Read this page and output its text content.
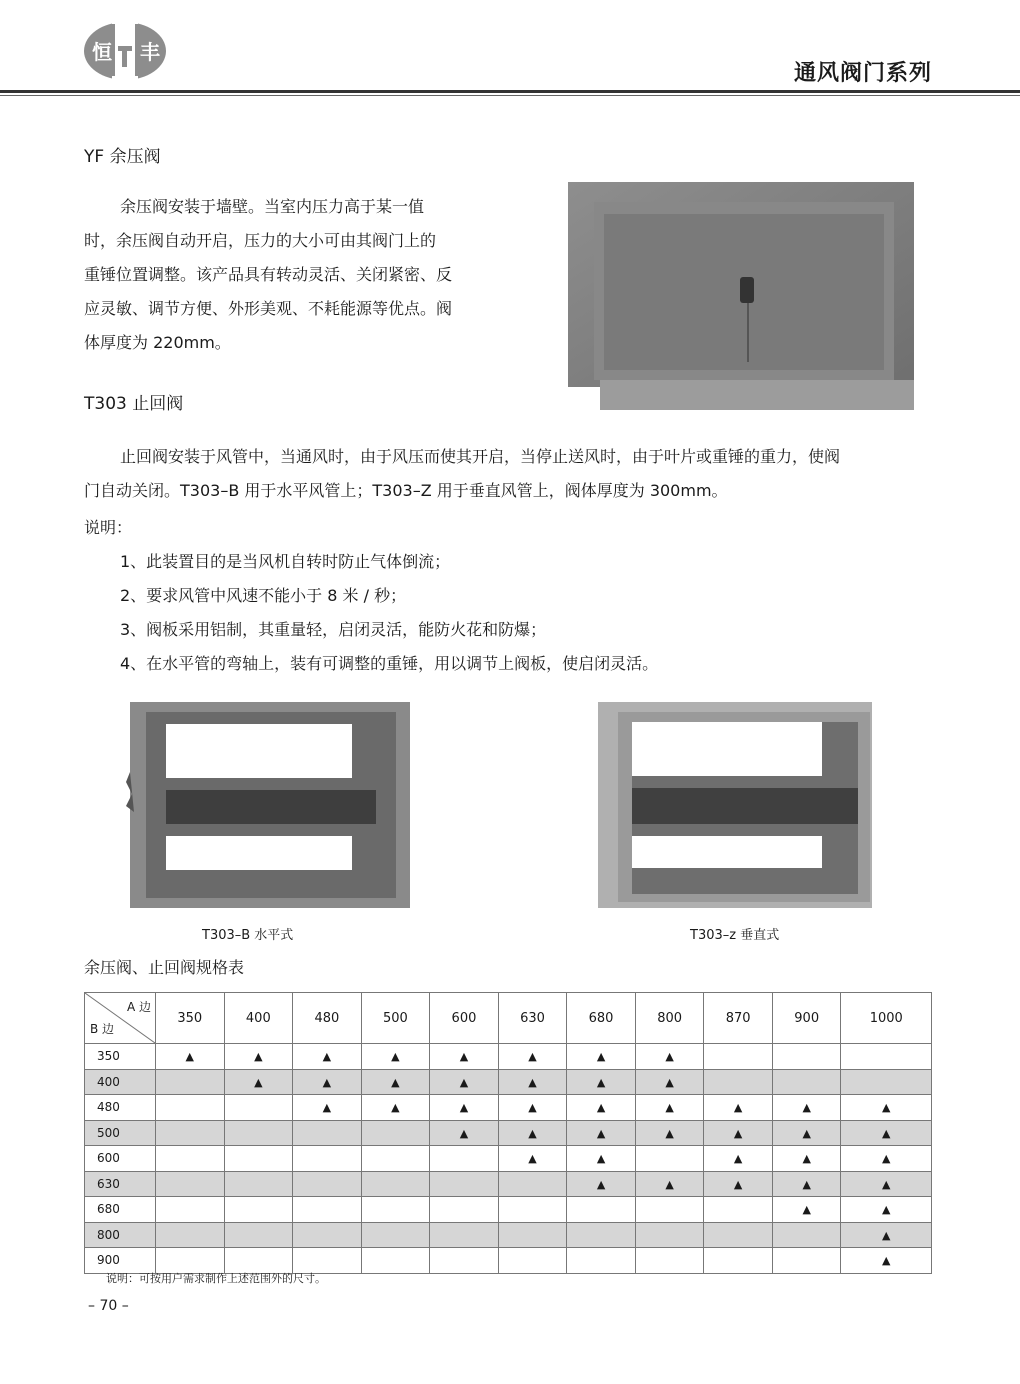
恒 丰
通风阀门系列
YF 余压阀
余压阀安装于墙壁。当室内压力高于某一值
时，余压阀自动开启，压力的大小可由其阀门上的
重锤位置调整。该产品具有转动灵活、关闭紧密、反
应灵敏、调节方便、外形美观、不耗能源等优点。阀
体厚度为 220mm。
T303 止回阀
止回阀安装于风管中，当通风时，由于风压而使其开启，当停止送风时，由于叶片或重锤的重力，使阀
门自动关闭。T303–B 用于水平风管上；T303–Z 用于垂直风管上，阀体厚度为 300mm。
说明：
1、此装置目的是当风机自转时防止气体倒流；
2、要求风管中风速不能小于 8 米 / 秒；
3、阀板采用铝制，其重量轻，启闭灵活，能防火花和防爆；
4、在水平管的弯轴上，装有可调整的重锤，用以调节上阀板，使启闭灵活。
T303–B 水平式	T303–z 垂直式
余压阀、止回阀规格表
A 边
B 边	350	400	480	500	600	630	680	800	870	900	1000
350	▲	▲	▲	▲	▲	▲	▲	▲			
400		▲	▲	▲	▲	▲	▲	▲			
480			▲	▲	▲	▲	▲	▲	▲	▲	▲
500					▲	▲	▲	▲	▲	▲	▲
600						▲	▲		▲	▲	▲
630							▲	▲	▲	▲	▲
680										▲	▲
800											▲
900											▲
说明：可按用户需求制作上述范围外的尺寸。
– 70 –
